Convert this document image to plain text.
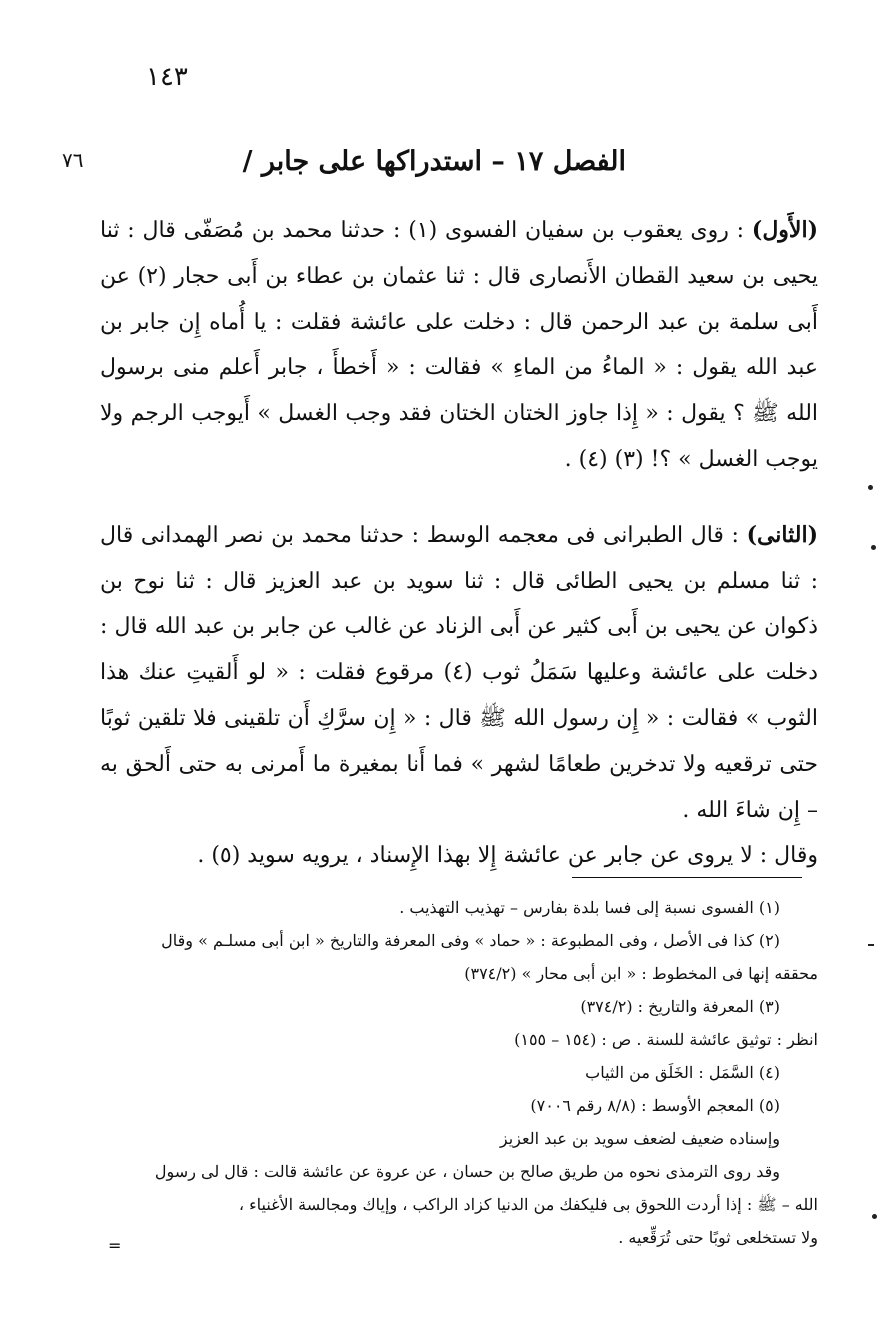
١٤٣
٧٦	/ الفصل ١٧ – استدراكها على جابر

(الأَول) : روى يعقوب بن سفيان الفسوى (١) : حدثنا محمد بن مُصَفّى قال : ثنا يحيى بن سعيد القطان الأَنصارى قال : ثنا عثمان بن عطاء بن أَبى حجار (٢) عن أَبى سلمة بن عبد الرحمن قال : دخلت على عائشة فقلت : يا أُماه إِن جابر بن عبد الله يقول : « الماءُ من الماءِ » فقالت : « أَخطأَ ، جابر أَعلم منى برسول الله ﷺ ؟ يقول : « إِذا جاوز الختان الختان فقد وجب الغسل » أَيوجب الرجم ولا يوجب الغسل » ؟! (٣) (٤) .

(الثانى) : قال الطبرانى فى معجمه الوسط : حدثنا محمد بن نصر الهمدانى قال : ثنا مسلم بن يحيى الطائى قال : ثنا سويد بن عبد العزيز قال : ثنا نوح بن ذكوان عن يحيى بن أَبى كثير عن أَبى الزناد عن غالب عن جابر بن عبد الله قال : دخلت على عائشة وعليها سَمَلُ ثوب (٤) مرقوع فقلت : « لو أَلقيتِ عنك هذا الثوب » فقالت : « إِن رسول الله ﷺ قال : « إِن سرَّكِ أَن تلقينى فلا تلقين ثوبًا حتى ترقعيه ولا تدخرين طعامًا لشهر » فما أَنا بمغيرة ما أَمرنى به حتى أَلحق به – إِن شاءَ الله .

وقال : لا يروى عن جابر عن عائشة إِلا بهذا الإِسناد ، يرويه سويد (٥) .

(١) الفسوى نسبة إلى فسا بلدة بفارس – تهذيب التهذيب .

(٢) كذا فى الأصل ، وفى المطبوعة : « حماد » وفى المعرفة والتاريخ « ابن أبى مسلـم » وقال

محققه إنها فى المخطوط : « ابن أبى محار » (٣٧٤/٢)

(٣) المعرفة والتاريخ : (٣٧٤/٢)

انظر : توثيق عائشة للسنة . ص : (١٥٤ – ١٥٥)

(٤) السَّمَل : الخَلَق من الثياب

(٥) المعجم الأوسط : (٨/٨ رقم ٧٠٠٦)

وإسناده ضعيف لضعف سويد بن عبد العزيز

وقد روى الترمذى نحوه من طريق صالح بن حسان ، عن عروة عن عائشة قالت : قال لى رسول

الله – ﷺ : إذا أردت اللحوق بى فليكفك من الدنيا كزاد الراكب ، وإياك ومجالسة الأغنياء ،

ولا تستخلعى ثوبًا حتى تُرَقِّعيه .

=
